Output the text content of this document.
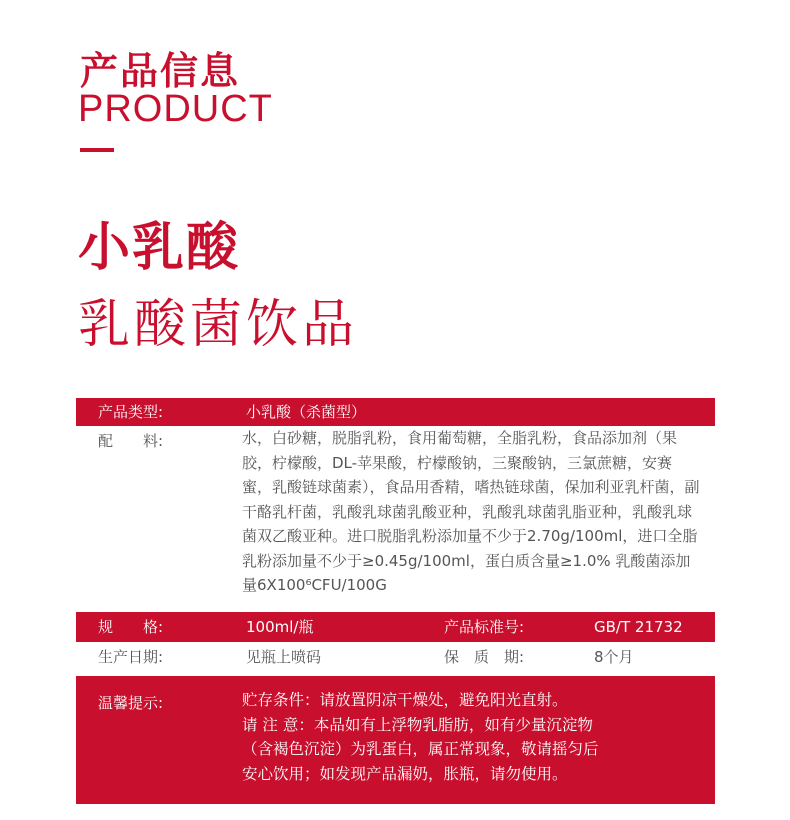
产品信息
PRODUCT
小乳酸
乳酸菌饮品
产品类型:	小乳酸（杀菌型）
配　　料:	水，白砂糖，脱脂乳粉，食用葡萄糖，全脂乳粉，食品添加剂（果胶，柠檬酸，DL-苹果酸，柠檬酸钠，三聚酸钠，三氯蔗糖，安赛蜜，乳酸链球菌素），食品用香精，嗜热链球菌，保加利亚乳杆菌，副干酪乳杆菌，乳酸乳球菌乳酸亚种，乳酸乳球菌乳脂亚种，乳酸乳球菌双乙酸亚种。进口脱脂乳粉添加量不少于2.70g/100ml，进口全脂乳粉添加量不少于≥0.45g/100ml，蛋白质含量≥1.0% 乳酸菌添加量6X100⁶CFU/100G
规　　格:	100ml/瓶	产品标准号:	GB/T 21732
生产日期:	见瓶上喷码	保　质　期:	8个月
温馨提示:	贮存条件：请放置阴凉干燥处，避免阳光直射。
请 注 意：本品如有上浮物乳脂肪，如有少量沉淀物
（含褐色沉淀）为乳蛋白，属正常现象，敬请摇匀后
安心饮用；如发现产品漏奶，胀瓶，请勿使用。
